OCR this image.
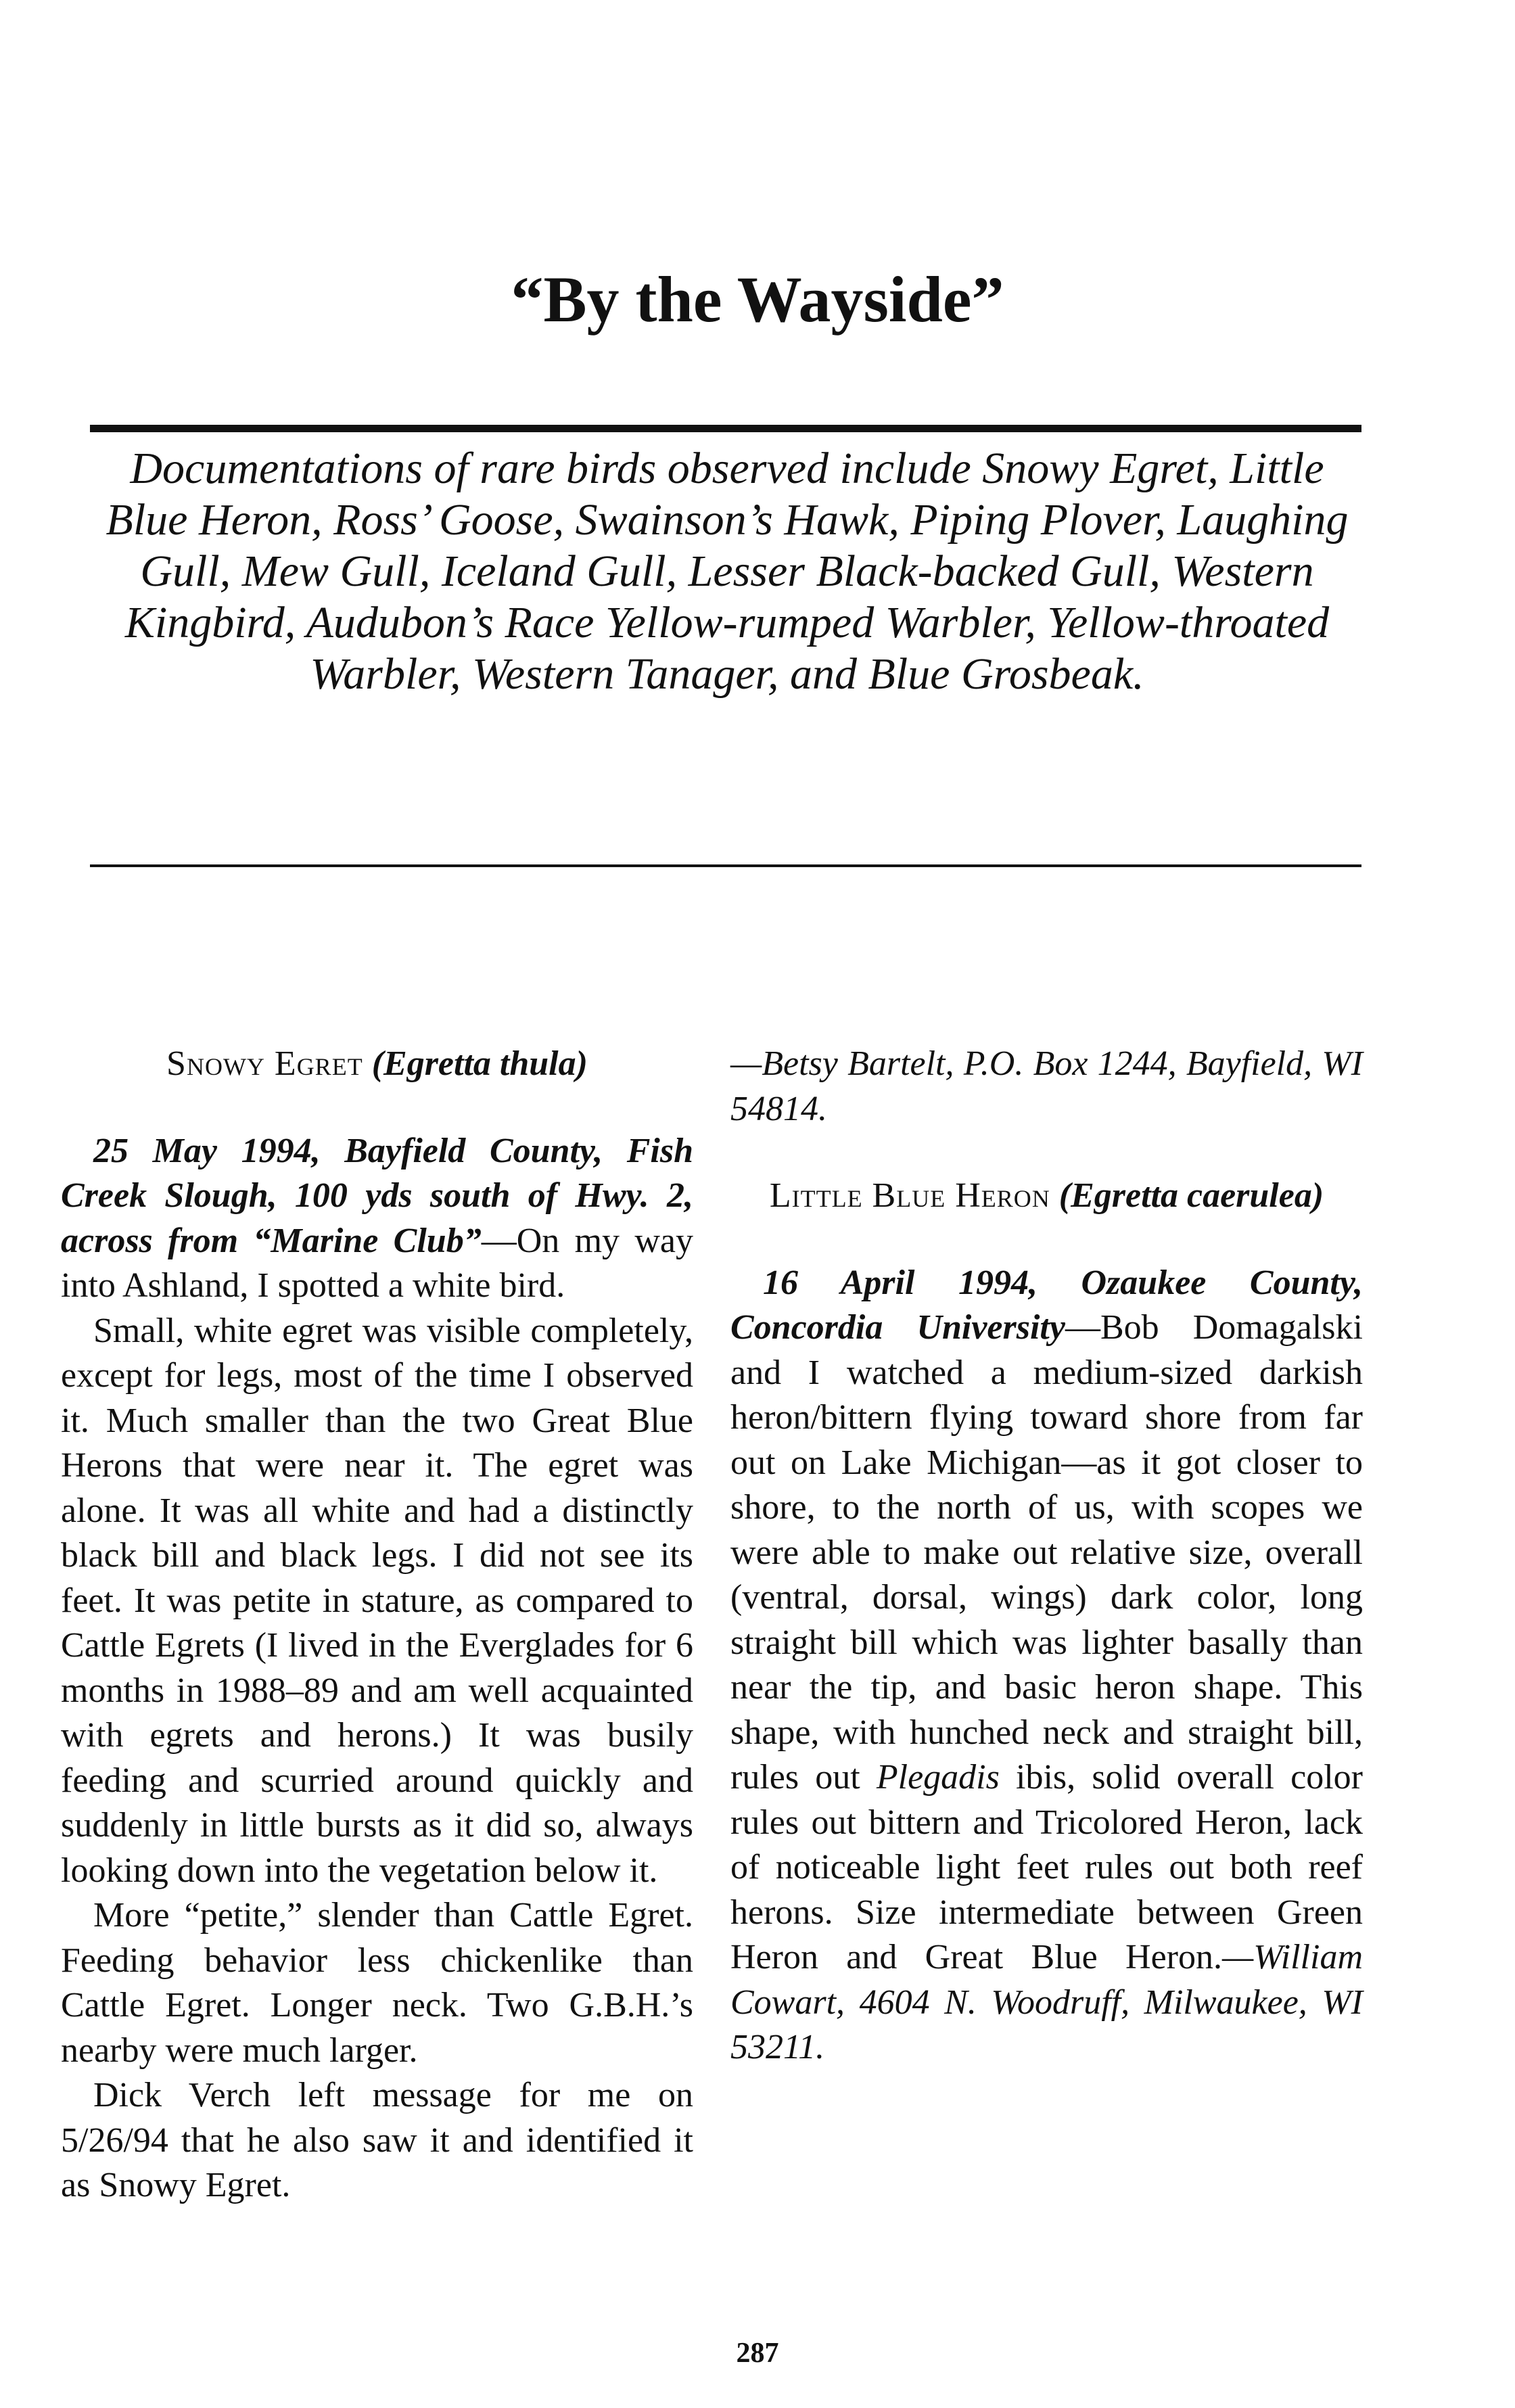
“By the Wayside”
Documentations of rare birds observed include Snowy Egret, Little Blue Heron, Ross’ Goose, Swainson’s Hawk, Piping Plover, Laughing Gull, Mew Gull, Iceland Gull, Lesser Black-backed Gull, Western Kingbird, Audubon’s Race Yellow-rumped Warbler, Yellow-throated Warbler, Western Tanager, and Blue Grosbeak.

Snowy Egret (Egretta thula)

25 May 1994, Bayfield County, Fish Creek Slough, 100 yds south of Hwy. 2, across from “Marine Club”—On my way into Ashland, I spotted a white bird.

Small, white egret was visible completely, except for legs, most of the time I observed it. Much smaller than the two Great Blue Herons that were near it. The egret was alone. It was all white and had a distinctly black bill and black legs. I did not see its feet. It was petite in stature, as compared to Cattle Egrets (I lived in the Everglades for 6 months in 1988–89 and am well acquainted with egrets and herons.) It was busily feeding and scurried around quickly and suddenly in little bursts as it did so, always looking down into the vegetation below it.

More “petite,” slender than Cattle Egret. Feeding behavior less chickenlike than Cattle Egret. Longer neck. Two G.B.H.’s nearby were much larger.

Dick Verch left message for me on 5/26/94 that he also saw it and identified it as Snowy Egret.

—Betsy Bartelt, P.O. Box 1244, Bayfield, WI 54814.

Little Blue Heron (Egretta caerulea)

16 April 1994, Ozaukee County, Concordia University—Bob Domagalski and I watched a medium-sized darkish heron/bittern flying toward shore from far out on Lake Michigan—as it got closer to shore, to the north of us, with scopes we were able to make out relative size, overall (ventral, dorsal, wings) dark color, long straight bill which was lighter basally than near the tip, and basic heron shape. This shape, with hunched neck and straight bill, rules out Plegadis ibis, solid overall color rules out bittern and Tricolored Heron, lack of noticeable light feet rules out both reef herons. Size intermediate between Green Heron and Great Blue Heron.—William Cowart, 4604 N. Woodruff, Milwaukee, WI 53211.

287
